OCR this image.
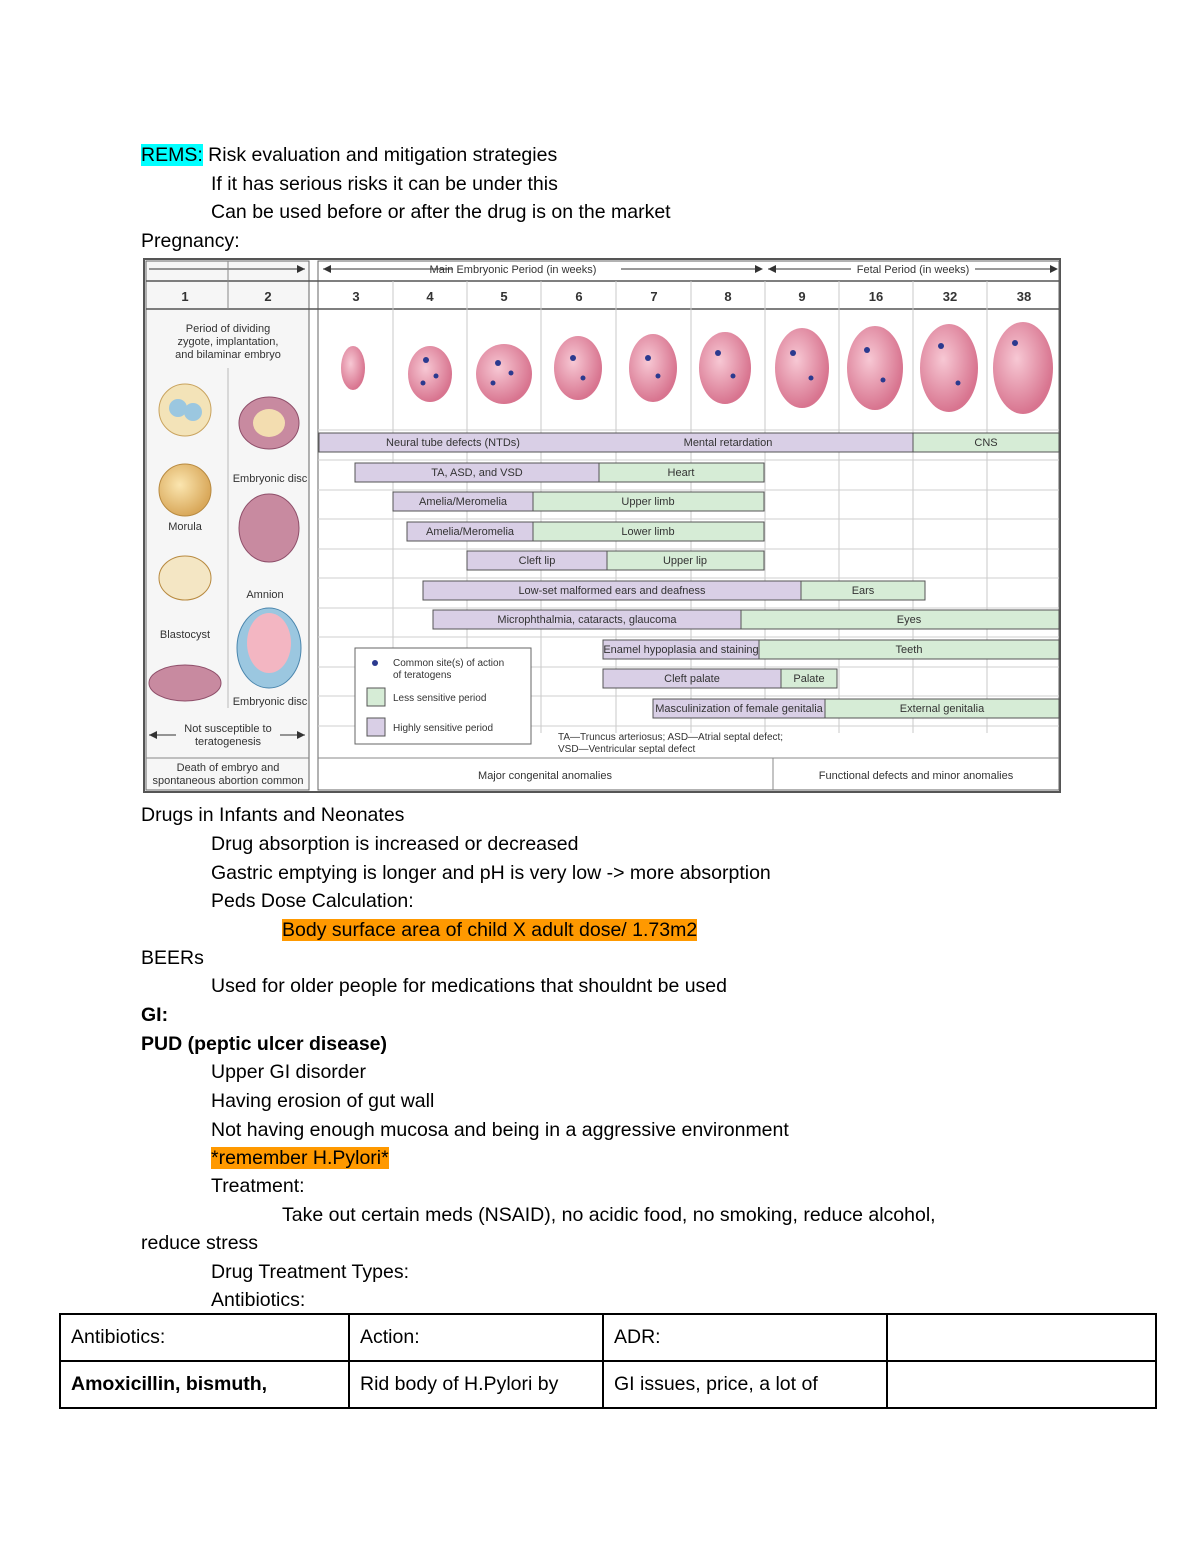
REMS: Risk evaluation and mitigation strategies
If it has serious risks it can be under this
Can be used before or after the drug is on the market
Pregnancy:
Main Embryonic Period (in weeks)	Fetal Period (in weeks)
1	2	3	4	5	6	7	8	9	16	32	38
Period of dividing
zygote, implantation,
and bilaminar embryo
Morula
Blastocyst
Embryonic disc
Amnion
Embryonic disc
Not susceptible to
teratogenesis
Death of embryo and
spontaneous abortion common
Neural tube defects (NTDs)	Mental retardation	CNS
TA, ASD, and VSD	Heart
Amelia/Meromelia	Upper limb
Amelia/Meromelia	Lower limb
Cleft lip	Upper lip
Low-set malformed ears and deafness	Ears
Microphthalmia, cataracts, glaucoma	Eyes
Enamel hypoplasia and staining	Teeth
Cleft palate	Palate
Masculinization of female genitalia	External genitalia
Common site(s) of action
of teratogens
Less sensitive period
Highly sensitive period
TA—Truncus arteriosus; ASD—Atrial septal defect;
VSD—Ventricular septal defect
Major congenital anomalies	Functional defects and minor anomalies
Drugs in Infants and Neonates
Drug absorption is increased or decreased
Gastric emptying is longer and pH is very low -> more absorption
Peds Dose Calculation:
Body surface area of child X adult dose/ 1.73m2
BEERs
Used for older people for medications that shouldnt be used
GI:
PUD (peptic ulcer disease)
Upper GI disorder
Having erosion of gut wall
Not having enough mucosa and being in a aggressive environment
*remember H.Pylori*
Treatment:
Take out certain meds (NSAID), no acidic food, no smoking, reduce alcohol,
reduce stress
Drug Treatment Types:
Antibiotics:
Antibiotics:	Action:	ADR:	
Amoxicillin, bismuth,	Rid body of H.Pylori by	GI issues, price, a lot of	
